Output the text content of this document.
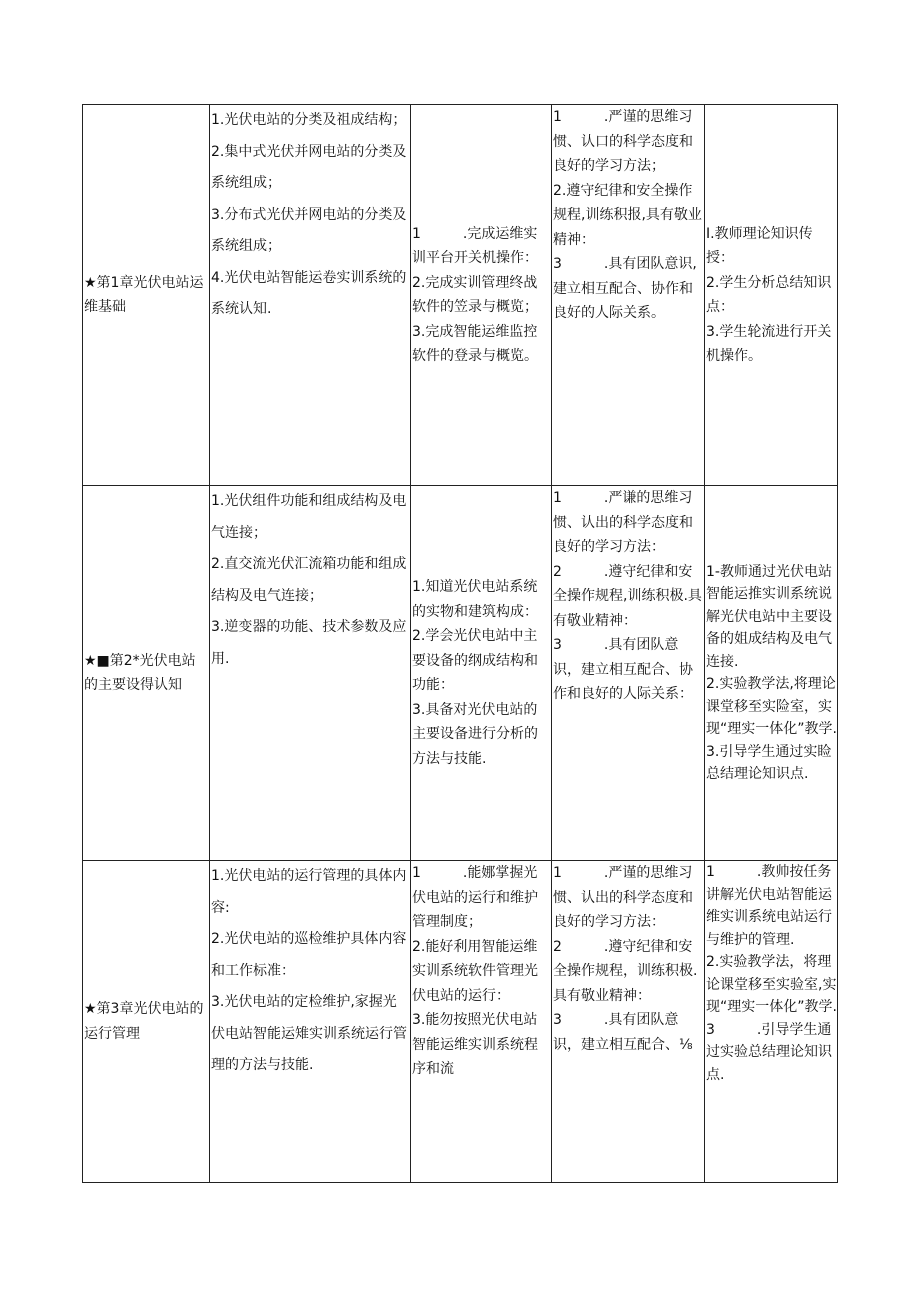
★第1章光伏电站运维基础	1.光伏电站的分类及祖成结构；
2.集中式光伏并网电站的分类及系统组成；
3.分布式光伏并网电站的分类及系统组成；
4.光伏电站智能运卷实训系统的系统认知.	1　　　.完成运维实训平台开关机操作：
2.完成实训管理终战软件的笠录与概览；
3.完成智能运维监控软件的登录与概览。	1　　　.严谨的思维习惯、认口的科学态度和良好的学习方法；
2.遵守纪律和安全操作规程,训练积报,具有敬业精神：
3　　　.具有团队意识,建立相互配合、协作和良好的人际关系。	I.教师理论知识传授：
2.学生分析总结知识点：
3.学生轮流进行开关机操作。

★■第2*光伏电站的主要设得认知	1.光伏组件功能和组成结构及电气连接；
2.直交流光伏汇流箱功能和组成结构及电气连接；
3.逆变器的功能、技术参数及应用.	1.知道光伏电站系统的实物和建筑构成：
2.学会光伏电站中主要设备的纲成结构和功能：
3.具备对光伏电站的主要设备进行分析的方法与技能.	1　　　.严谦的思维习惯、认出的科学态度和良好的学习方法：
2　　　.遵守纪律和安全操作规程,训练积极.具有敬业精神：
3　　　.具有团队意识，建立相互配合、协作和良好的人际关系：	1-教师通过光伏电站智能运推实训系统说解光伏电站中主要设备的姐成结构及电气连接.
2.实验教学法,将理论课堂移至实险室，实现“理实一体化”教学.
3.引导学生通过实睑总结理论知识点.

★第3章光伏电站的运行管理	1.光伏电站的运行管理的具体内容:
2.光伏电站的巡检维护具体内容和工作标准：
3.光伏电站的定检维护,家握光伏电站智能运雉实训系统运行管理的方法与技能.	1　　　.能娜掌握光伏电站的运行和维护管理制度；
2.能好利用智能运维实训系统软件管理光伏电站的运行：
3.能勿按照光伏电站智能运维实训系统程序和流	1　　　.严谨的思维习惯、认出的科学态度和良好的学习方法：
2　　　.遵守纪律和安全操作规程，训练积极.具有敬业精神：
3　　　.具有团队意识，建立相互配合、⅛	1　　　.教帅按任务讲解光伏电站智能运维实训系统电站运行与维护的管理.
2.实验教学法，将理论课堂移至实验室,实现“理实一体化”教学.
3　　　.引导学生通过实验总结理论知识点.
